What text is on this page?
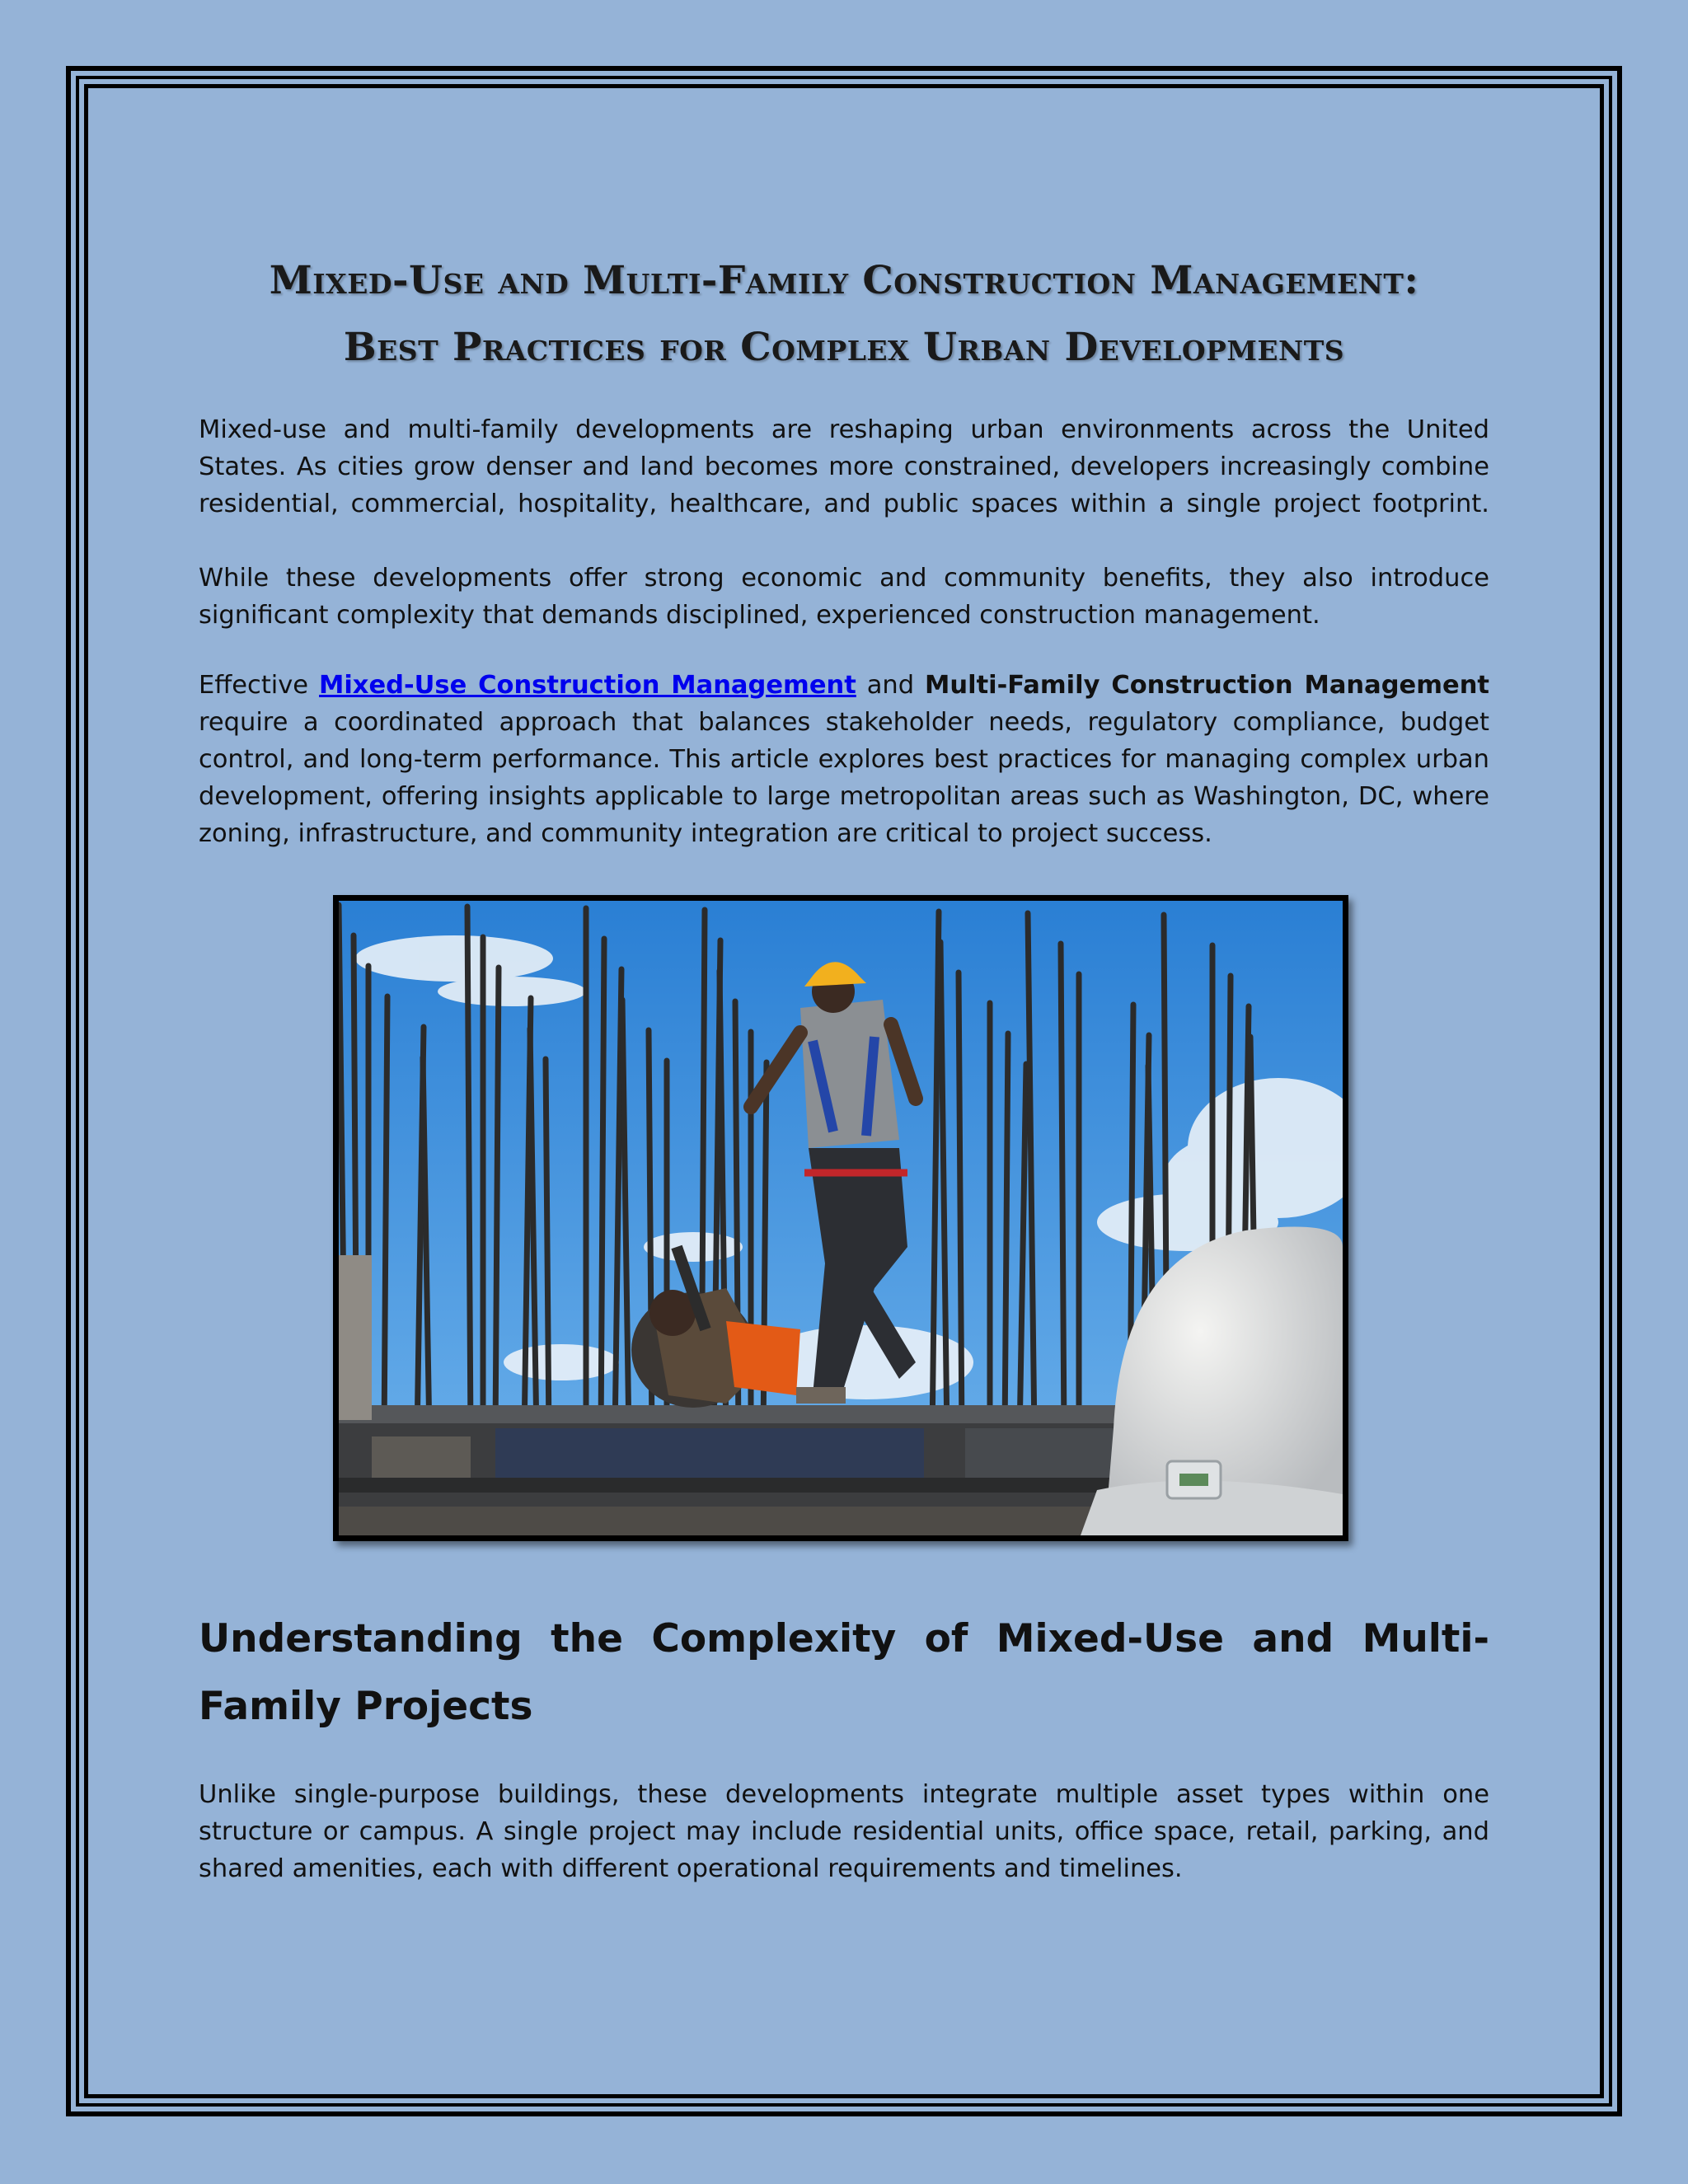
Mixed-Use and Multi-Family Construction Management:
Best Practices for Complex Urban Developments

Mixed-use and multi-family developments are reshaping urban environments across the United States. As cities grow denser and land becomes more constrained, developers increasingly combine residential, commercial, hospitality, healthcare, and public spaces within a single project footprint.

While these developments offer strong economic and community benefits, they also introduce significant complexity that demands disciplined, experienced construction management.

Effective Mixed-Use Construction Management and Multi-Family Construction Management require a coordinated approach that balances stakeholder needs, regulatory compliance, budget control, and long-term performance. This article explores best practices for managing complex urban development, offering insights applicable to large metropolitan areas such as Washington, DC, where zoning, infrastructure, and community integration are critical to project success.

Understanding the Complexity of Mixed-Use and Multi-Family Projects

Unlike single-purpose buildings, these developments integrate multiple asset types within one structure or campus. A single project may include residential units, office space, retail, parking, and shared amenities, each with different operational requirements and timelines.
